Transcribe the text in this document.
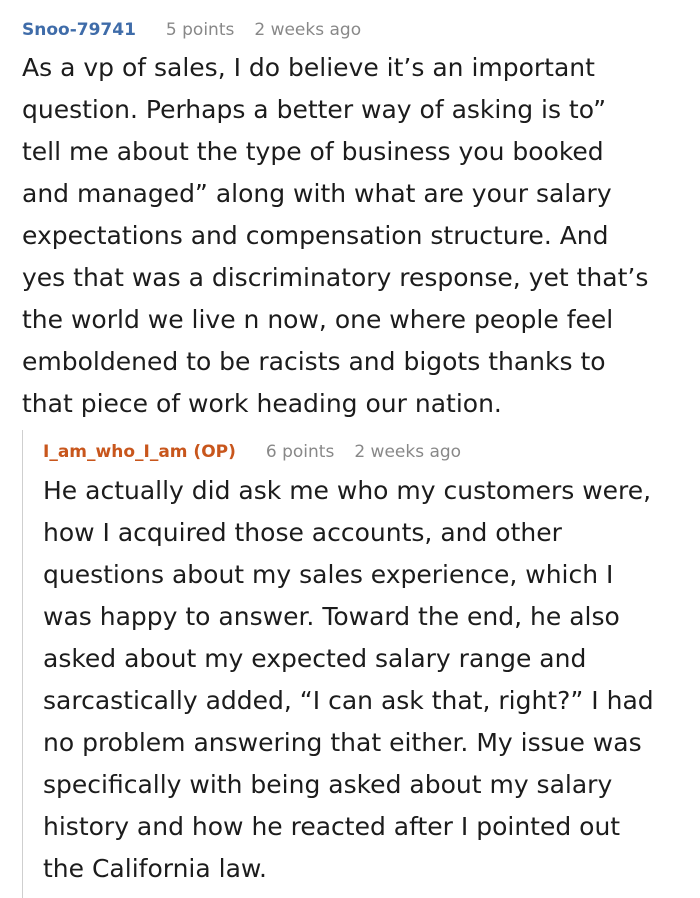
Snoo-79741 5 points 2 weeks ago

As a vp of sales, I do believe it’s an important
question. Perhaps a better way of asking is to”
tell me about the type of business you booked
and managed” along with what are your salary
expectations and compensation structure. And
yes that was a discriminatory response, yet that’s
the world we live n now, one where people feel
emboldened to be racists and bigots thanks to
that piece of work heading our nation.

I_am_who_I_am (OP) 6 points 2 weeks ago

He actually did ask me who my customers were,
how I acquired those accounts, and other
questions about my sales experience, which I
was happy to answer. Toward the end, he also
asked about my expected salary range and
sarcastically added, “I can ask that, right?” I had
no problem answering that either. My issue was
specifically with being asked about my salary
history and how he reacted after I pointed out
the California law.
